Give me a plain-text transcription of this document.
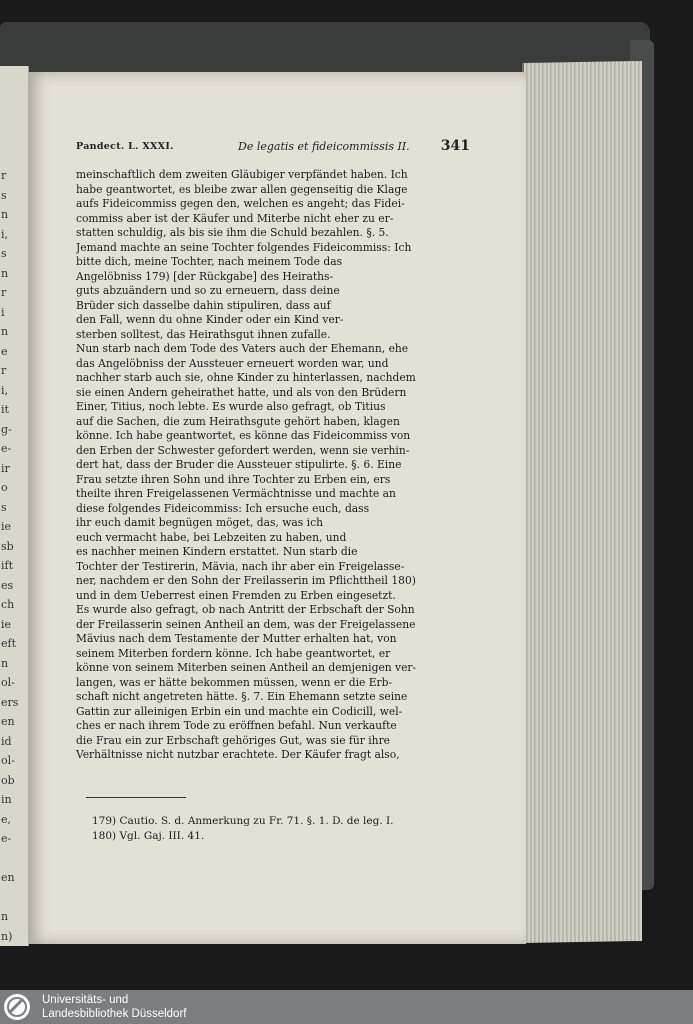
r
s
n
i,
s
n
r
i
n
e
r
i,
it
g-
e-
ir
o
s
ie
sb
ift
es
ch
ie
eft
n
ol-
ers
en
id
ol-
ob
in
e,
e-
en
n
n)
Pandect. L. XXXI.	De legatis et fideicommissis II. 341
meinschaftlich dem zweiten Gläubiger verpfändet haben. Ich
habe geantwortet, es bleibe zwar allen gegenseitig die Klage
aufs Fideicommiss gegen den, welchen es angeht; das Fidei-
commiss aber ist der Käufer und Miterbe nicht eher zu er-
statten schuldig, als bis sie ihm die Schuld bezahlen. §. 5.
Jemand machte an seine Tochter folgendes Fideicommiss: Ich
bitte dich, meine Tochter, nach meinem Tode das
Angelöbniss 179) [der Rückgabe] des Heiraths-
guts abzuändern und so zu erneuern, dass deine
Brüder sich dasselbe dahin stipuliren, dass auf
den Fall, wenn du ohne Kinder oder ein Kind ver-
sterben solltest, das Heirathsgut ihnen zufalle.
Nun starb nach dem Tode des Vaters auch der Ehemann, ehe
das Angelöbniss der Aussteuer erneuert worden war, und
nachher starb auch sie, ohne Kinder zu hinterlassen, nachdem
sie einen Andern geheirathet hatte, und als von den Brüdern
Einer, Titius, noch lebte. Es wurde also gefragt, ob Titius
auf die Sachen, die zum Heirathsgute gehört haben, klagen
könne. Ich habe geantwortet, es könne das Fideicommiss von
den Erben der Schwester gefordert werden, wenn sie verhin-
dert hat, dass der Bruder die Aussteuer stipulirte. §. 6. Eine
Frau setzte ihren Sohn und ihre Tochter zu Erben ein, ers
theilte ihren Freigelassenen Vermächtnisse und machte an
diese folgendes Fideicommiss: Ich ersuche euch, dass
ihr euch damit begnügen möget, das, was ich
euch vermacht habe, bei Lebzeiten zu haben, und
es nachher meinen Kindern erstattet. Nun starb die
Tochter der Testirerin, Mävia, nach ihr aber ein Freigelasse-
ner, nachdem er den Sohn der Freilasserin im Pflichttheil 180)
und in dem Ueberrest einen Fremden zu Erben eingesetzt.
Es wurde also gefragt, ob nach Antritt der Erbschaft der Sohn
der Freilasserin seinen Antheil an dem, was der Freigelassene
Mävius nach dem Testamente der Mutter erhalten hat, von
seinem Miterben fordern könne. Ich habe geantwortet, er
könne von seinem Miterben seinen Antheil an demjenigen ver-
langen, was er hätte bekommen müssen, wenn er die Erb-
schaft nicht angetreten hätte. §. 7. Ein Ehemann setzte seine
Gattin zur alleinigen Erbin ein und machte ein Codicill, wel-
ches er nach ihrem Tode zu eröffnen befahl. Nun verkaufte
die Frau ein zur Erbschaft gehöriges Gut, was sie für ihre
Verhältnisse nicht nutzbar erachtete. Der Käufer fragt also,
179) Cautio. S. d. Anmerkung zu Fr. 71. §. 1. D. de leg. I.
180) Vgl. Gaj. III. 41.
Universitäts- und
Landesbibliothek Düsseldorf
